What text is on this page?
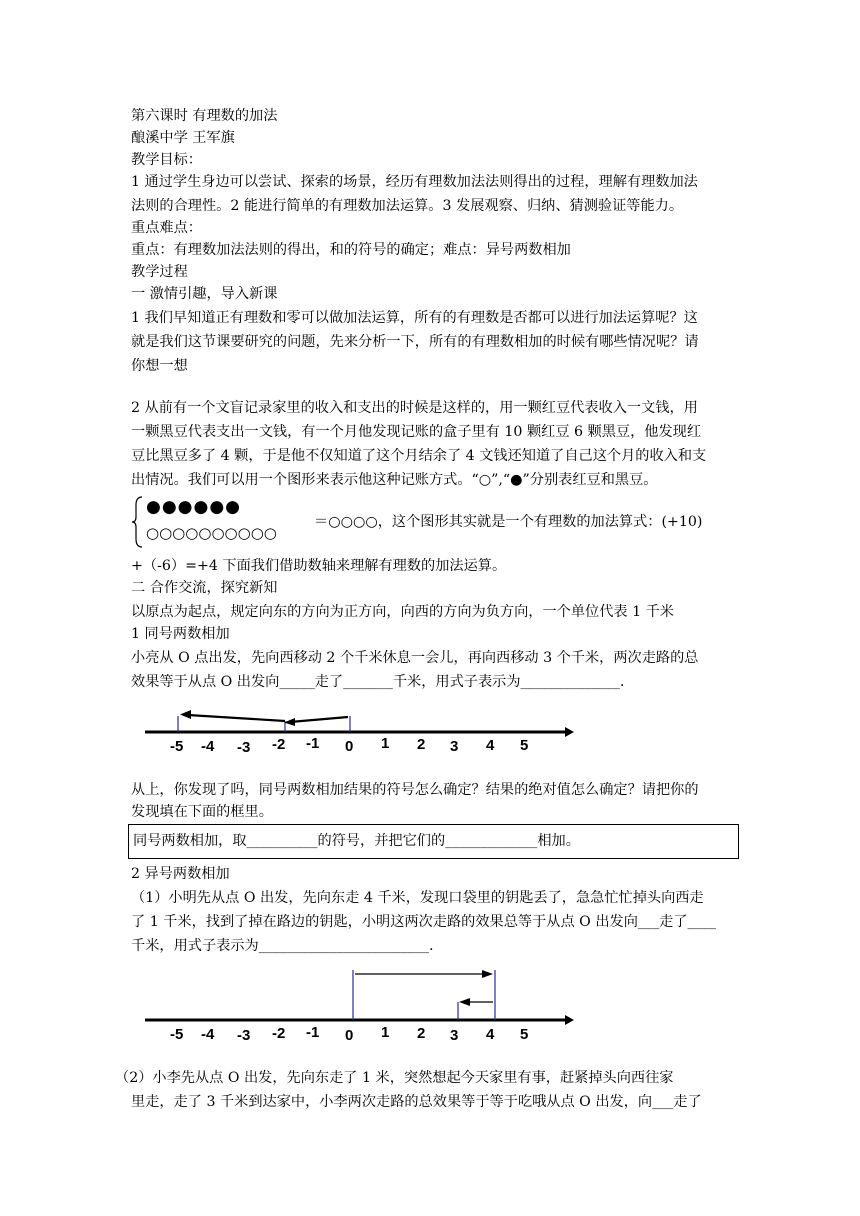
第六课时 有理数的加法
酿溪中学 王军旗
教学目标：
1 通过学生身边可以尝试、探索的场景，经历有理数加法法则得出的过程，理解有理数加法
法则的合理性。2 能进行简单的有理数加法运算。3 发展观察、归纳、猜测验证等能力。
重点难点：
重点：有理数加法法则的得出，和的符号的确定；难点：异号两数相加
教学过程
一 激情引趣，导入新课
1 我们早知道正有理数和零可以做加法运算，所有的有理数是否都可以进行加法运算呢？这
就是我们这节课要研究的问题，先来分析一下，所有的有理数相加的时候有哪些情况呢？请
你想一想
2 从前有一个文盲记录家里的收入和支出的时候是这样的，用一颗红豆代表收入一文钱，用
一颗黑豆代表支出一文钱，有一个月他发现记账的盒子里有 10 颗红豆 6 颗黑豆，他发现红
豆比黑豆多了 4 颗，于是他不仅知道了这个月结余了 4 文钱还知道了自己这个月的收入和支
出情况。我们可以用一个图形来表示他这种记账方式。“○”,“●”分别表红豆和黑豆。
●●●●●●
○○○○○○○○○○
＝○○○○，这个图形其实就是一个有理数的加法算式：(+10)
+（-6）=+4 下面我们借助数轴来理解有理数的加法运算。
二 合作交流，探究新知
以原点为起点，规定向东的方向为正方向，向西的方向为负方向，一个单位代表 1 千米
1 同号两数相加
小亮从 O 点出发，先向西移动 2 个千米休息一会儿，再向西移动 3 个千米，两次走路的总
效果等于从点 O 出发向_____走了_______千米，用式子表示为______________.
-5 -4 -3 -2 -1 0 1 2 3 4 5
从上，你发现了吗，同号两数相加结果的符号怎么确定？结果的绝对值怎么确定？请把你的
发现填在下面的框里。
同号两数相加，取__________的符号，并把它们的_____________相加。
2 异号两数相加
（1）小明先从点 O 出发，先向东走 4 千米，发现口袋里的钥匙丢了，急急忙忙掉头向西走
了 1 千米，找到了掉在路边的钥匙，小明这两次走路的效果总等于从点 O 出发向___走了____
千米，用式子表示为________________________.
-5 -4 -3 -2 -1 0 1 2 3 4 5
（2）小李先从点 O 出发，先向东走了 1 米，突然想起今天家里有事，赶紧掉头向西往家
里走，走了 3 千米到达家中，小李两次走路的总效果等于等于吃哦从点 O 出发，向___走了
